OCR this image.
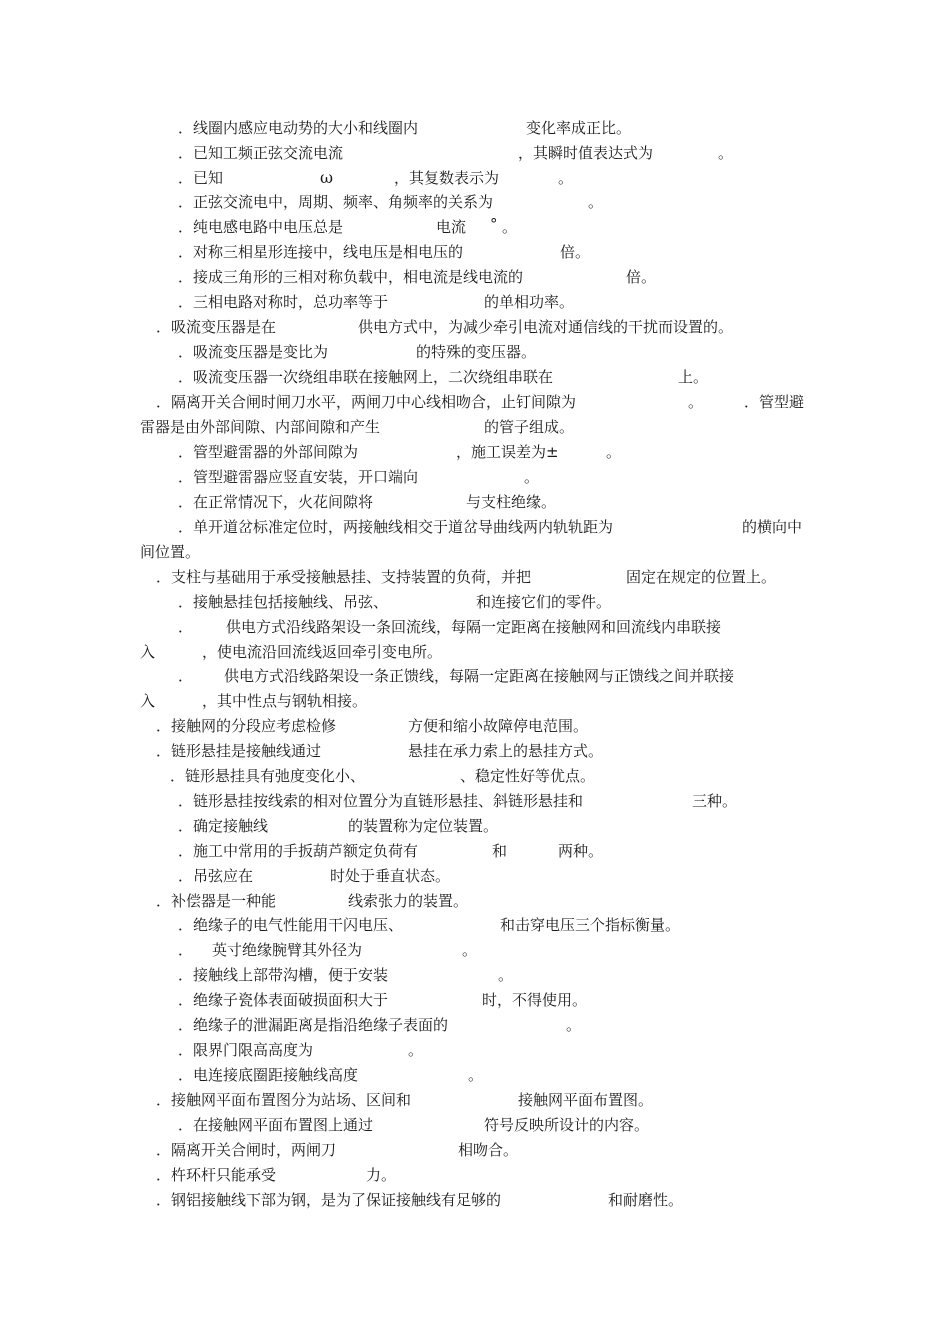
．线圈内感应电动势的大小和线圈内	变化率成正比。
．已知工频正弦交流电流	，其瞬时值表达式为	。
．已知	ω	，其复数表示为	。
．正弦交流电中，周期、频率、角频率的关系为	。
．纯电感电路中电压总是	电流 ° 。
．对称三相星形连接中，线电压是相电压的	倍。
．接成三角形的三相对称负载中，相电流是线电流的	倍。
．三相电路对称时，总功率等于	的单相功率。
．吸流变压器是在	供电方式中，为减少牵引电流对通信线的干扰而设置的。
．吸流变压器是变比为	的特殊的变压器。
．吸流变压器一次绕组串联在接触网上，二次绕组串联在	上。
．隔离开关合闸时闸刀水平，两闸刀中心线相吻合，止钉间隙为	。	．管型避
雷器是由外部间隙、内部间隙和产生	的管子组成。
．管型避雷器的外部间隙为	，施工误差为±	。
．管型避雷器应竖直安装，开口端向	。
．在正常情况下，火花间隙将	与支柱绝缘。
．单开道岔标准定位时，两接触线相交于道岔导曲线两内轨轨距为	的横向中
间位置。
．支柱与基础用于承受接触悬挂、支持装置的负荷，并把	固定在规定的位置上。
．接触悬挂包括接触线、吊弦、	和连接它们的零件。
． 供电方式沿线路架设一条回流线，每隔一定距离在接触网和回流线内串联接
入	，使电流沿回流线返回牵引变电所。
． 供电方式沿线路架设一条正馈线，每隔一定距离在接触网与正馈线之间并联接
入	，其中性点与钢轨相接。
．接触网的分段应考虑检修	方便和缩小故障停电范围。
．链形悬挂是接触线通过	悬挂在承力索上的悬挂方式。
．链形悬挂具有弛度变化小、	、稳定性好等优点。
．链形悬挂按线索的相对位置分为直链形悬挂、斜链形悬挂和	三种。
．确定接触线	的装置称为定位装置。
．施工中常用的手扳葫芦额定负荷有	和	两种。
．吊弦应在	时处于垂直状态。
．补偿器是一种能	线索张力的装置。
．绝缘子的电气性能用干闪电压、	和击穿电压三个指标衡量。
． 英寸绝缘腕臂其外径为	。
．接触线上部带沟槽，便于安装	。
．绝缘子瓷体表面破损面积大于	时，不得使用。
．绝缘子的泄漏距离是指沿绝缘子表面的	。
．限界门限高高度为	。
．电连接底圈距接触线高度	。
．接触网平面布置图分为站场、区间和	接触网平面布置图。
．在接触网平面布置图上通过	符号反映所设计的内容。
．隔离开关合闸时，两闸刀	相吻合。
．杵环杆只能承受	力。
．钢铝接触线下部为钢，是为了保证接触线有足够的	和耐磨性。
